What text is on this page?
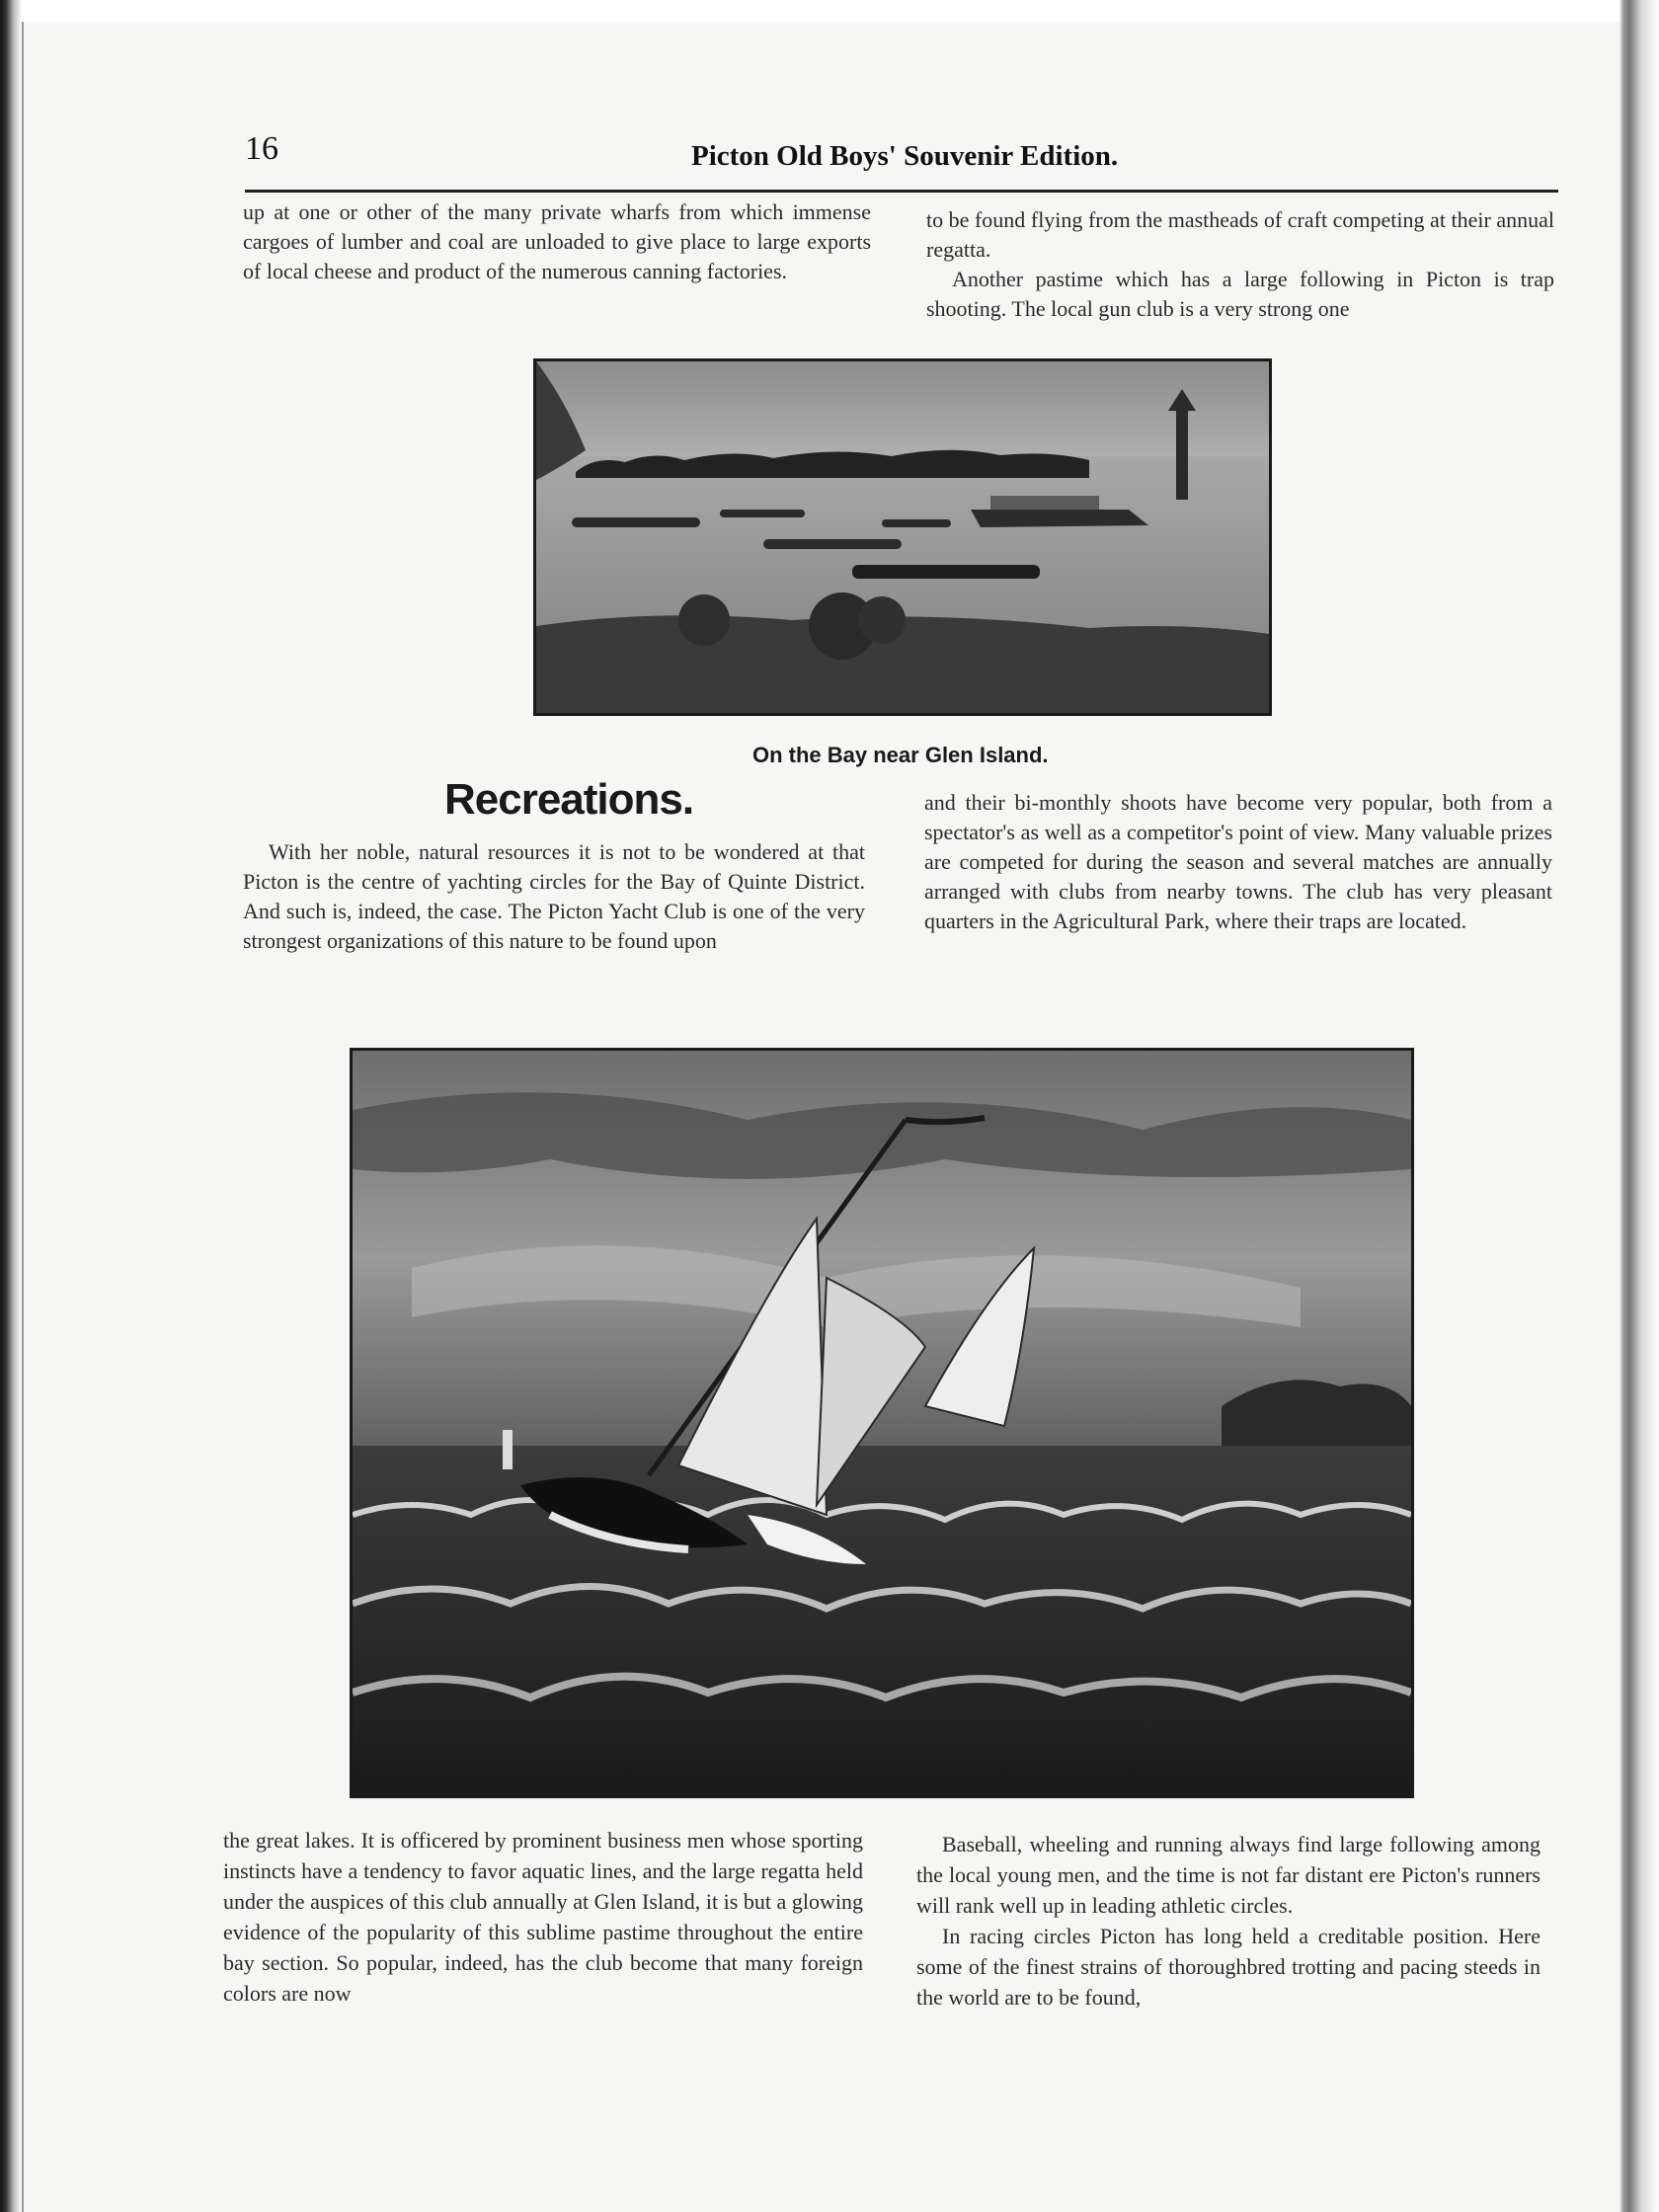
16	Picton Old Boys' Souvenir Edition.

up at one or other of the many private wharfs from which immense cargoes of lumber and coal are unloaded to give place to large exports of local cheese and product of the numerous canning factories.

to be found flying from the mastheads of craft competing at their annual regatta.

Another pastime which has a large following in Picton is trap shooting. The local gun club is a very strong one

On the Bay near Glen Island.
Recreations.

With her noble, natural resources it is not to be wondered at that Picton is the centre of yachting circles for the Bay of Quinte District. And such is, indeed, the case. The Picton Yacht Club is one of the very strongest organizations of this nature to be found upon

and their bi-monthly shoots have become very popular, both from a spectator's as well as a competitor's point of view. Many valuable prizes are competed for during the season and several matches are annually arranged with clubs from nearby towns. The club has very pleasant quarters in the Agricultural Park, where their traps are located.

the great lakes. It is officered by prominent business men whose sporting instincts have a tendency to favor aquatic lines, and the large regatta held under the auspices of this club annually at Glen Island, it is but a glowing evidence of the popularity of this sublime pastime throughout the entire bay section. So popular, indeed, has the club become that many foreign colors are now

Baseball, wheeling and running always find large following among the local young men, and the time is not far distant ere Picton's runners will rank well up in leading athletic circles.

In racing circles Picton has long held a creditable position. Here some of the finest strains of thoroughbred trotting and pacing steeds in the world are to be found,
